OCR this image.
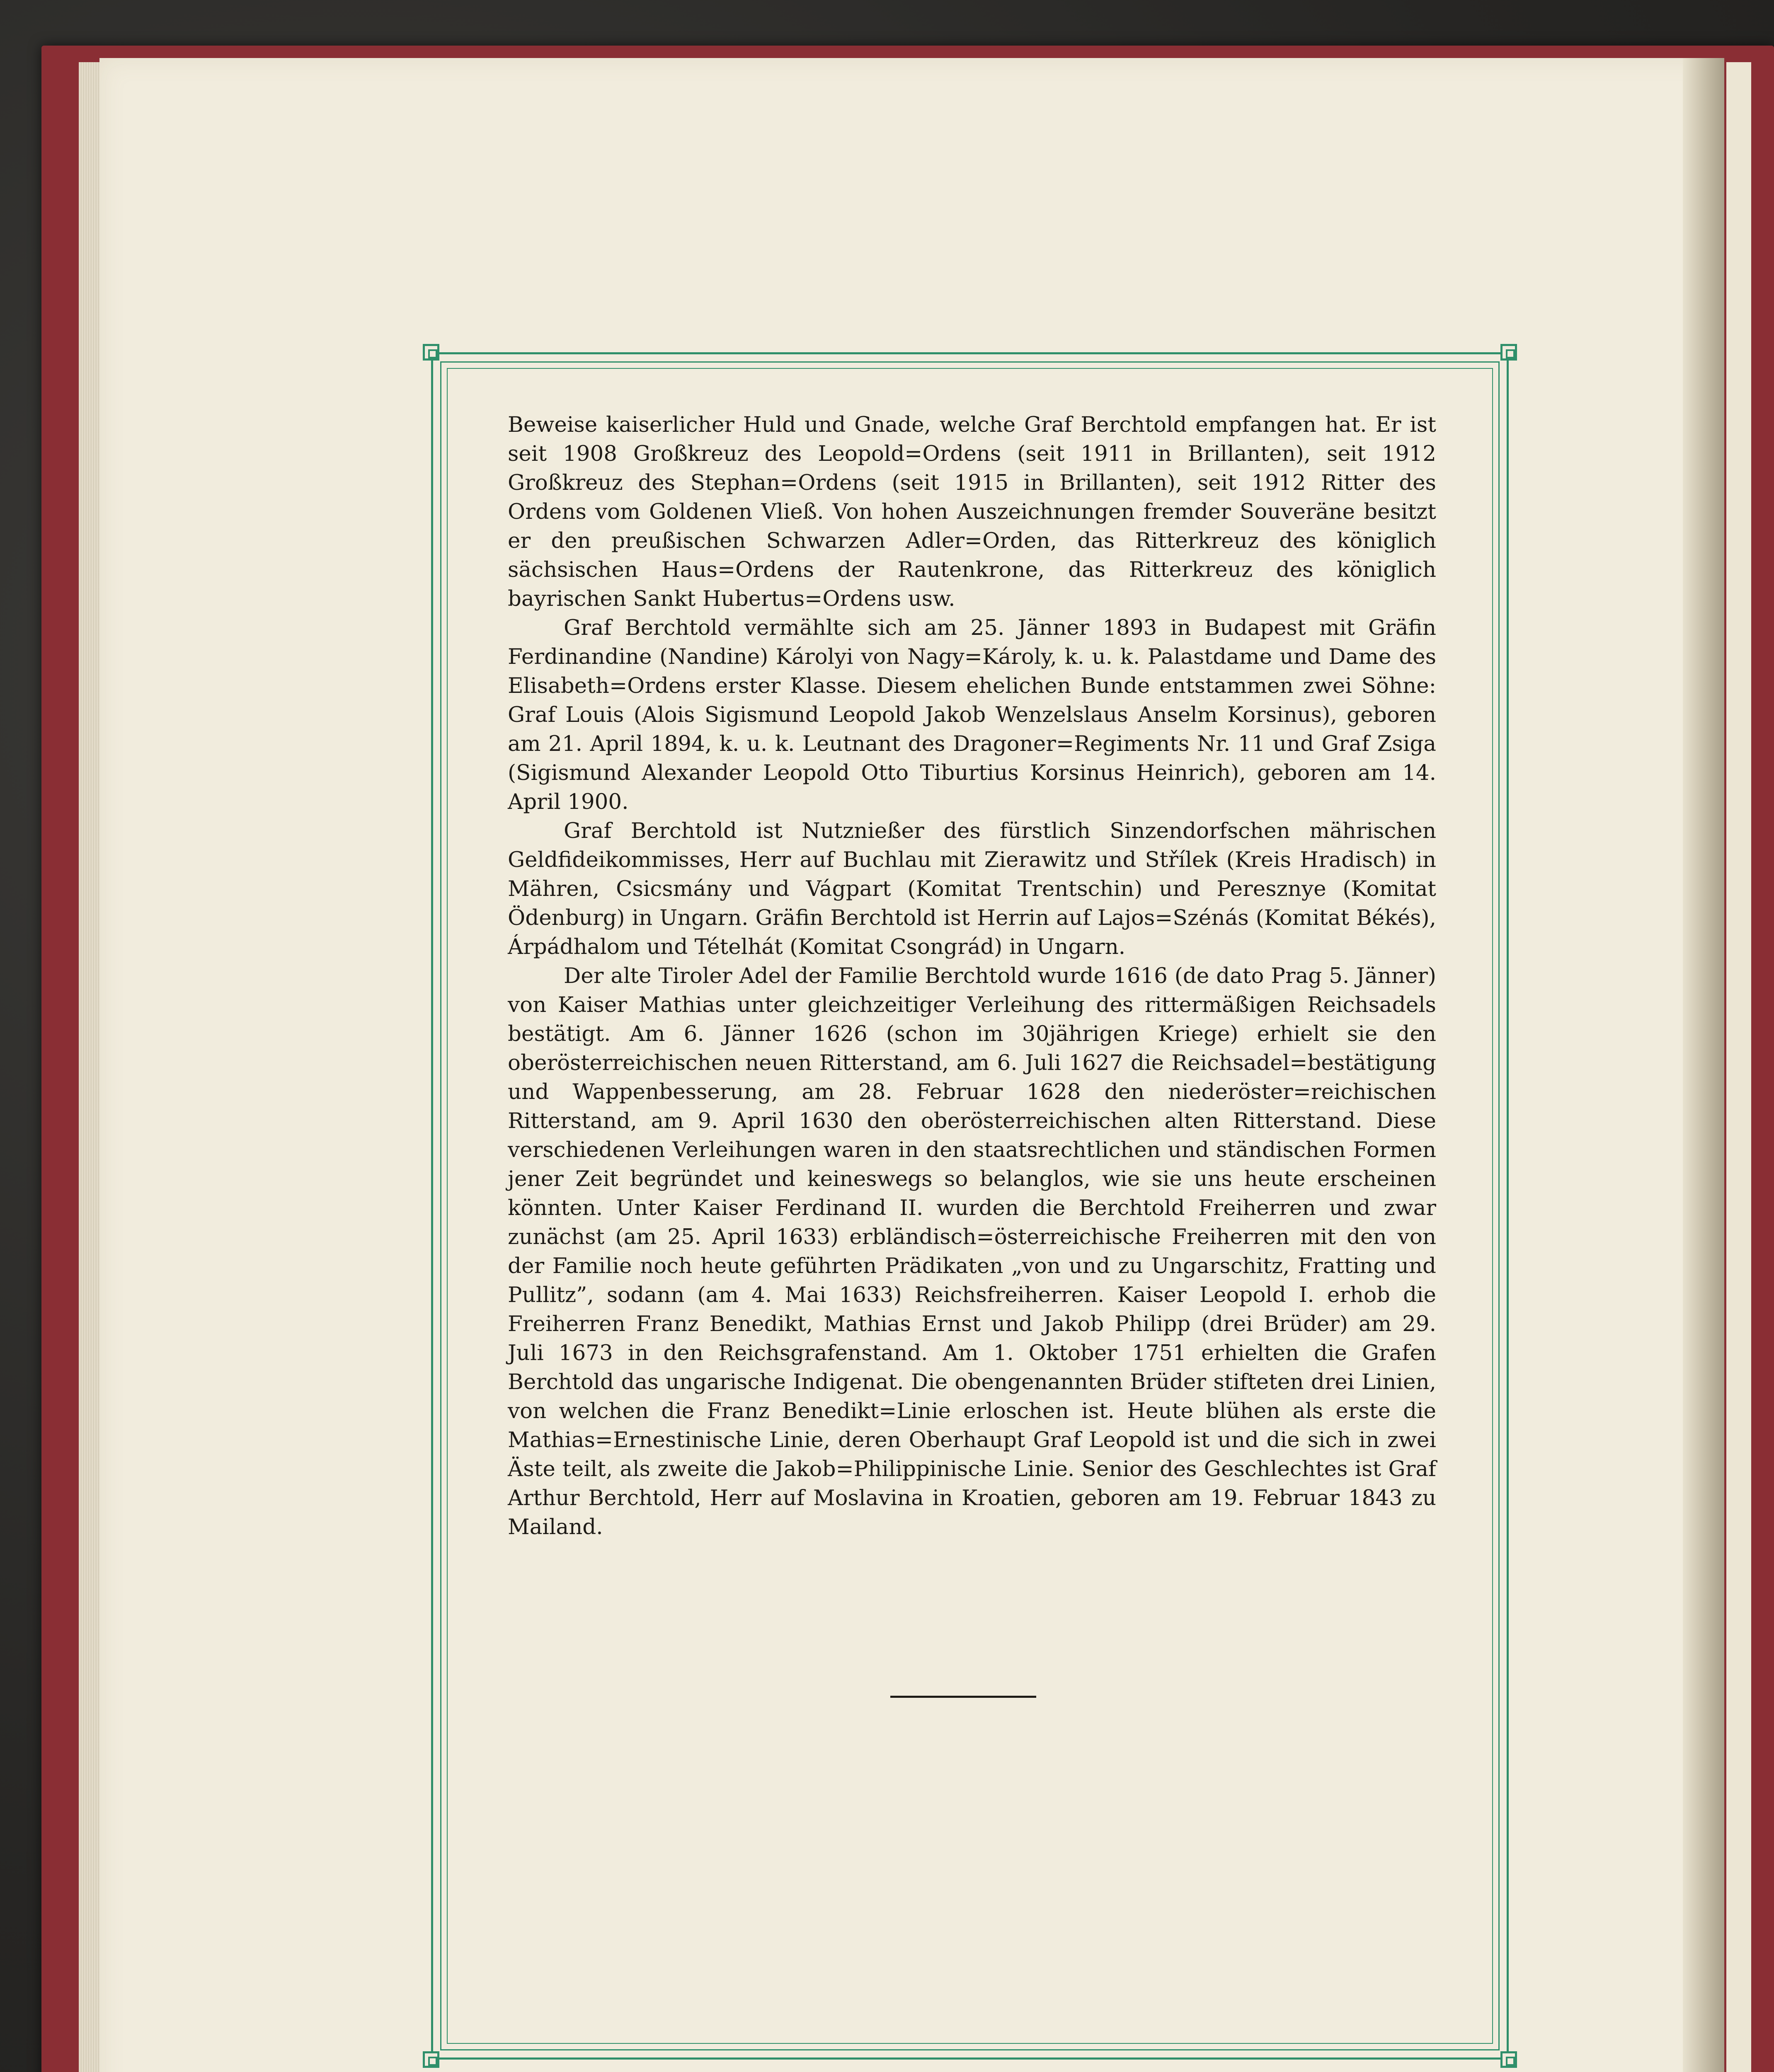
Beweise kaiserlicher Huld und Gnade, welche Graf Berchtold empfangen hat. Er ist seit 1908 Großkreuz des Leopold=Ordens (seit 1911 in Brillanten), seit 1912 Großkreuz des Stephan=Ordens (seit 1915 in Brillanten), seit 1912 Ritter des Ordens vom Goldenen Vließ. Von hohen Auszeichnungen fremder Souveräne besitzt er den preußischen Schwarzen Adler=Orden, das Ritterkreuz des königlich sächsischen Haus=Ordens der Rautenkrone, das Ritterkreuz des königlich bayrischen Sankt Hubertus=Ordens usw.

Graf Berchtold vermählte sich am 25. Jänner 1893 in Budapest mit Gräfin Ferdinandine (Nandine) Károlyi von Nagy=Károly, k. u. k. Palastdame und Dame des Elisabeth=Ordens erster Klasse. Diesem ehelichen Bunde entstammen zwei Söhne: Graf Louis (Alois Sigismund Leopold Jakob Wenzelslaus Anselm Korsinus), geboren am 21. April 1894, k. u. k. Leutnant des Dragoner=Regiments Nr. 11 und Graf Zsiga (Sigismund Alexander Leopold Otto Tiburtius Korsinus Heinrich), geboren am 14. April 1900.

Graf Berchtold ist Nutznießer des fürstlich Sinzendorfschen mährischen Geldfideikommisses, Herr auf Buchlau mit Zierawitz und Střílek (Kreis Hradisch) in Mähren, Csicsmány und Vágpart (Komitat Trentschin) und Peresznye (Komitat Ödenburg) in Ungarn. Gräfin Berchtold ist Herrin auf Lajos=Szénás (Komitat Békés), Árpádhalom und Tételhát (Komitat Csongrád) in Ungarn.

Der alte Tiroler Adel der Familie Berchtold wurde 1616 (de dato Prag 5. Jänner) von Kaiser Mathias unter gleichzeitiger Verleihung des rittermäßigen Reichsadels bestätigt. Am 6. Jänner 1626 (schon im 30jährigen Kriege) erhielt sie den oberösterreichischen neuen Ritterstand, am 6. Juli 1627 die Reichsadel=bestätigung und Wappenbesserung, am 28. Februar 1628 den niederöster=reichischen Ritterstand, am 9. April 1630 den oberösterreichischen alten Ritterstand. Diese verschiedenen Verleihungen waren in den staatsrechtlichen und ständischen Formen jener Zeit begründet und keineswegs so belanglos, wie sie uns heute erscheinen könnten. Unter Kaiser Ferdinand II. wurden die Berchtold Freiherren und zwar zunächst (am 25. April 1633) erbländisch=österreichische Freiherren mit den von der Familie noch heute geführten Prädikaten „von und zu Ungarschitz, Fratting und Pullitz”, sodann (am 4. Mai 1633) Reichsfreiherren. Kaiser Leopold I. erhob die Freiherren Franz Benedikt, Mathias Ernst und Jakob Philipp (drei Brüder) am 29. Juli 1673 in den Reichsgrafenstand. Am 1. Oktober 1751 erhielten die Grafen Berchtold das ungarische Indigenat. Die obengenannten Brüder stifteten drei Linien, von welchen die Franz Benedikt=Linie erloschen ist. Heute blühen als erste die Mathias=Ernestinische Linie, deren Oberhaupt Graf Leopold ist und die sich in zwei Äste teilt, als zweite die Jakob=Philippinische Linie. Senior des Geschlechtes ist Graf Arthur Berchtold, Herr auf Moslavina in Kroatien, geboren am 19. Februar 1843 zu Mailand.
